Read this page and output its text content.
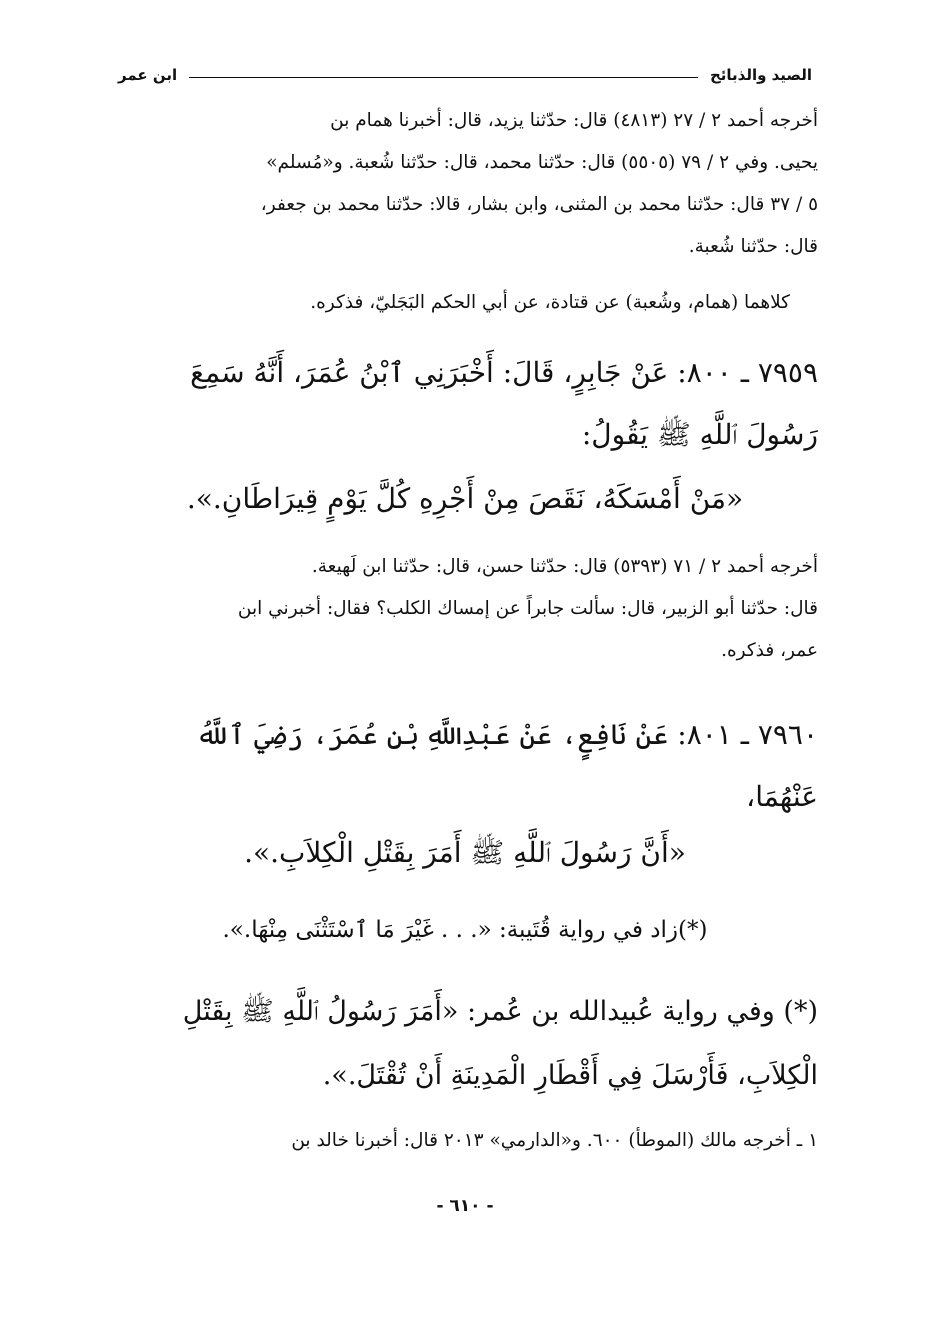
الصيد والذبائح
ابن عمر
أخرجه أحمد ٢ / ٢٧ (٤٨١٣) قال: حدّثنا يزيد، قال: أخبرنا همام بن
يحيى. وفي ٢ / ٧٩ (٥٥٠٥) قال: حدّثنا محمد، قال: حدّثنا شُعبة. و«مُسلم»
٥ / ٣٧ قال: حدّثنا محمد بن المثنى، وابن بشار، قالا: حدّثنا محمد بن جعفر،
قال: حدّثنا شُعبة.
كلاهما (همام، وشُعبة) عن قتادة، عن أبي الحكم البَجَليّ، فذكره.
٧٩٥٩ ـ ٨٠٠: عَنْ جَابِرٍ، قَالَ: أَخْبَرَنِي ٱبْنُ عُمَرَ، أَنَّهُ سَمِعَ
رَسُولَ ٱللَّهِ ﷺ يَقُولُ:
«مَنْ أَمْسَكَهُ، نَقَصَ مِنْ أَجْرِهِ كُلَّ يَوْمٍ قِيرَاطَانِ.».
أخرجه أحمد ٢ / ٧١ (٥٣٩٣) قال: حدّثنا حسن، قال: حدّثنا ابن لَهيعة.
قال: حدّثنا أبو الزبير، قال: سألت جابراً عن إمساك الكلب؟ فقال: أخبرني ابن
عمر، فذكره.
٧٩٦٠ ـ ٨٠١: عَنْ نَافِعٍ، عَنْ عَبْدِاللَّهِ بْنِ عُمَرَ، رَضِيَ ٱللَّهُ
عَنْهُمَا،
«أَنَّ رَسُولَ ٱللَّهِ ﷺ أَمَرَ بِقَتْلِ الْكِلاَبِ.».
(*)زاد في رواية قُتَيبة: «. . . غَيْرَ مَا ٱسْتَثْنَى مِنْهَا.».
(*) وفي رواية عُبيدالله بن عُمر: «أَمَرَ رَسُولُ ٱللَّهِ ﷺ بِقَتْلِ
الْكِلاَبِ، فَأَرْسَلَ فِي أَقْطَارِ الْمَدِينَةِ أَنْ تُقْتَلَ.».
١ ـ أخرجه مالك (الموطأ) ٦٠٠. و«الدارمي» ٢٠١٣ قال: أخبرنا خالد بن
- ٦١٠ -
